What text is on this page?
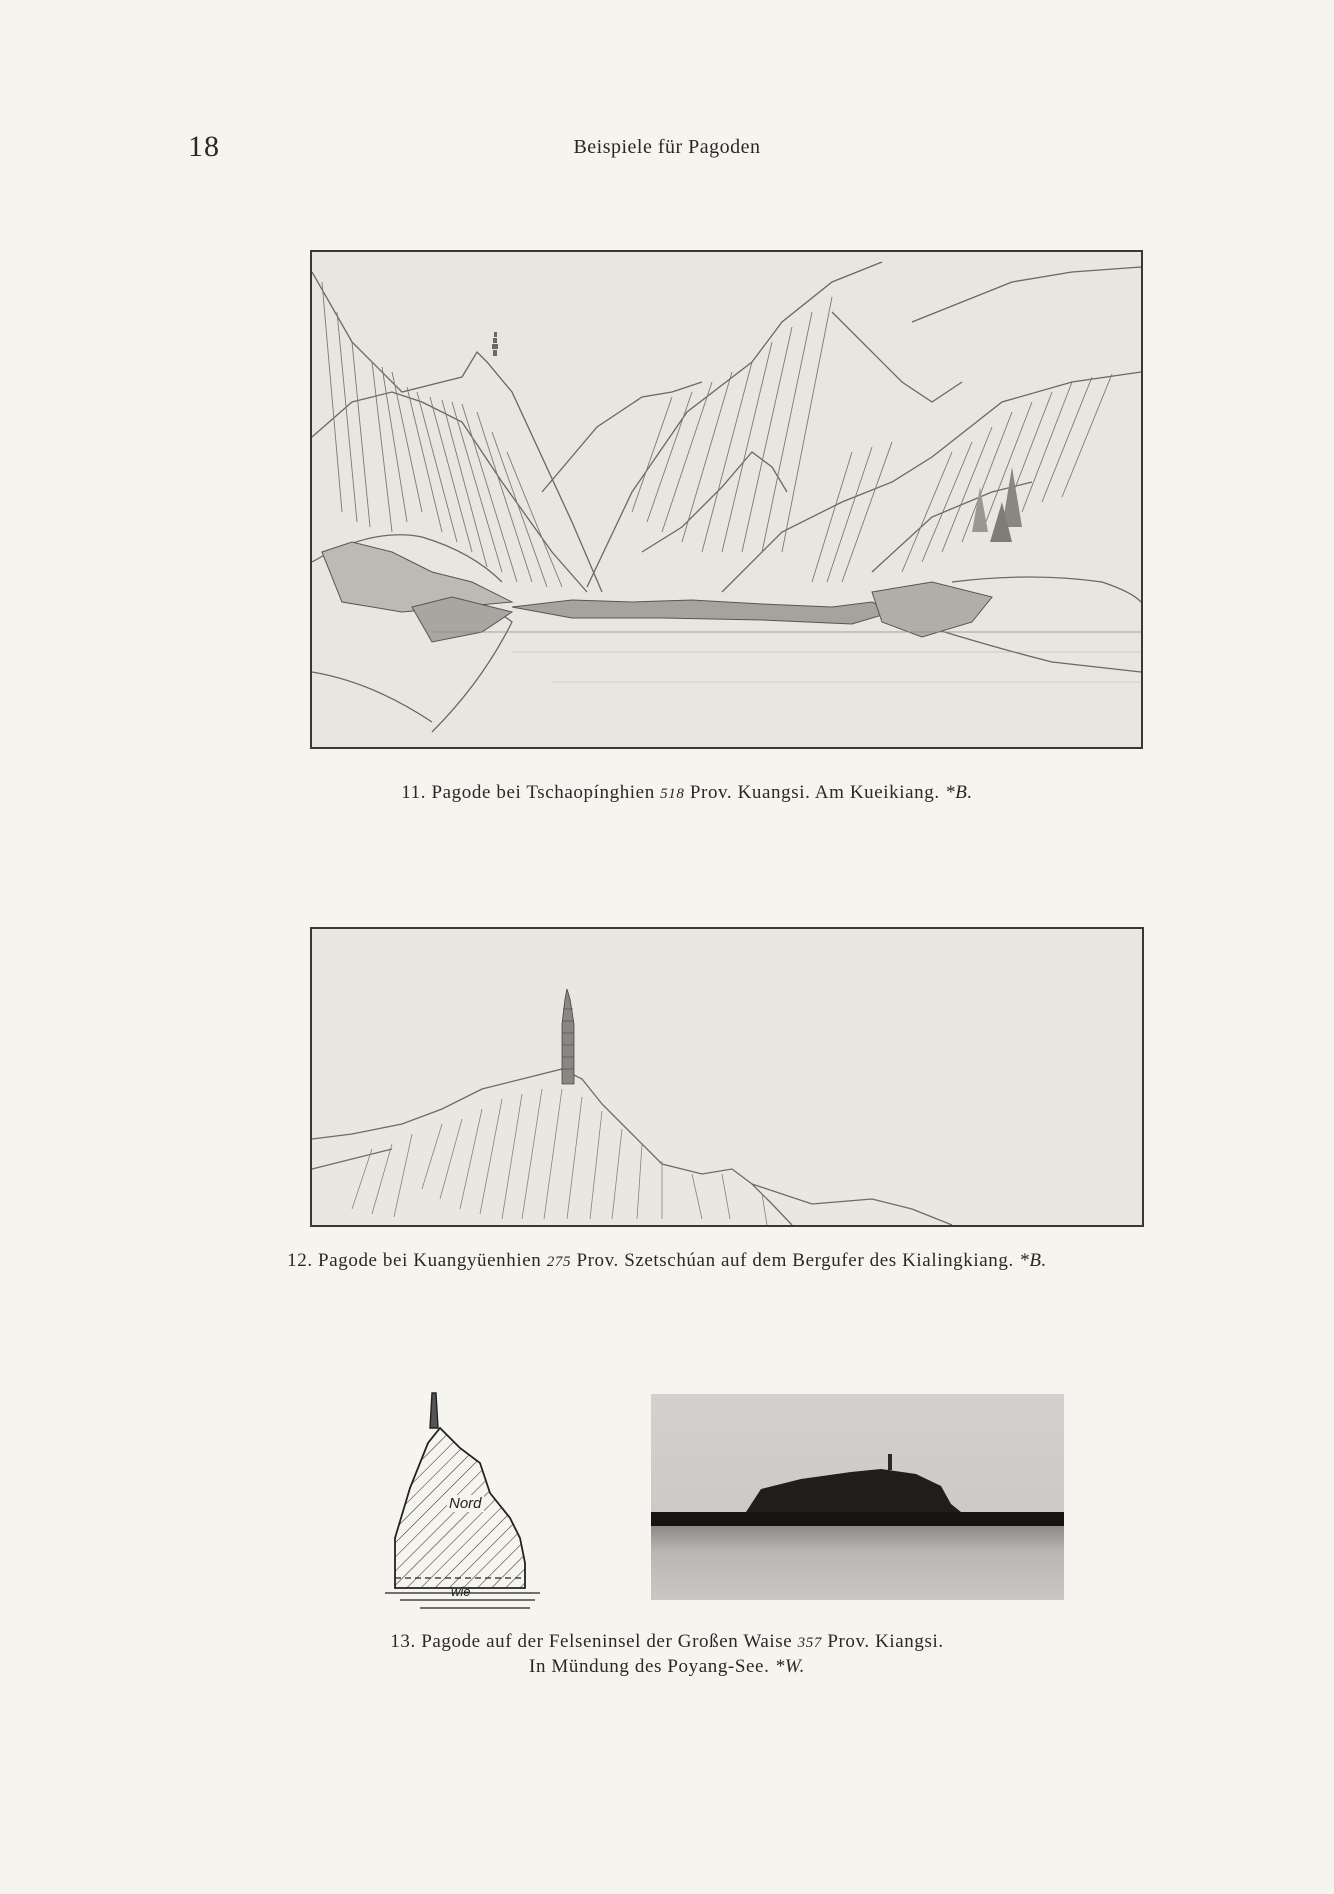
18	Beispiele für Pagoden
11. Pagode bei Tschaopínghien 518 Prov. Kuangsi. Am Kueikiang. *B.
12. Pagode bei Kuangyüenhien 275 Prov. Szetschúan auf dem Bergufer des Kialingkiang. *B.
Nord
wie
13. Pagode auf der Felseninsel der Großen Waise 357 Prov. Kiangsi.
In Mündung des Poyang-See. *W.
